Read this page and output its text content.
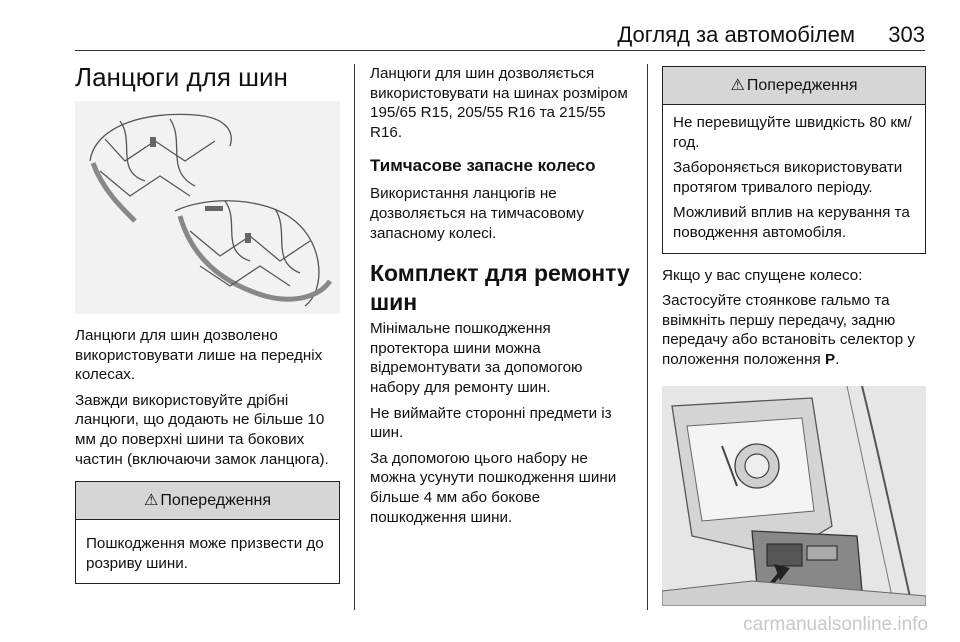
Догляд за автомобілем 303
Ланцюги для шин

Ланцюги для шин дозволено використовувати лише на передніх колесах.

Завжди використовуйте дрібні ланцюги, що додають не більше 10 мм до поверхні шини та бокових частин (включаючи замок ланцюга).

⚠ Попередження

Пошкодження може призвести до розриву шини.

Ланцюги для шин дозволяється використовувати на шинах розміром 195/65 R15, 205/55 R16 та 215/55 R16.

Тимчасове запасне колесо

Використання ланцюгів не дозволяється на тимчасовому запасному колесі.

Комплект для ремонту шин

Мінімальне пошкодження протектора шини можна відремонтувати за допомогою набору для ремонту шин.

Не виймайте сторонні предмети із шин.

За допомогою цього набору не можна усунути пошкодження шини більше 4 мм або бокове пошкодження шини.

⚠ Попередження

Не перевищуйте швидкість 80 км/год.

Забороняється використовувати протягом тривалого періоду.

Можливий вплив на керування та поводження автомобіля.

Якщо у вас спущене колесо:

Застосуйте стоянкове гальмо та ввімкніть першу передачу, задню передачу або встановіть селектор у положення положення P.

carmanualsonline.info
